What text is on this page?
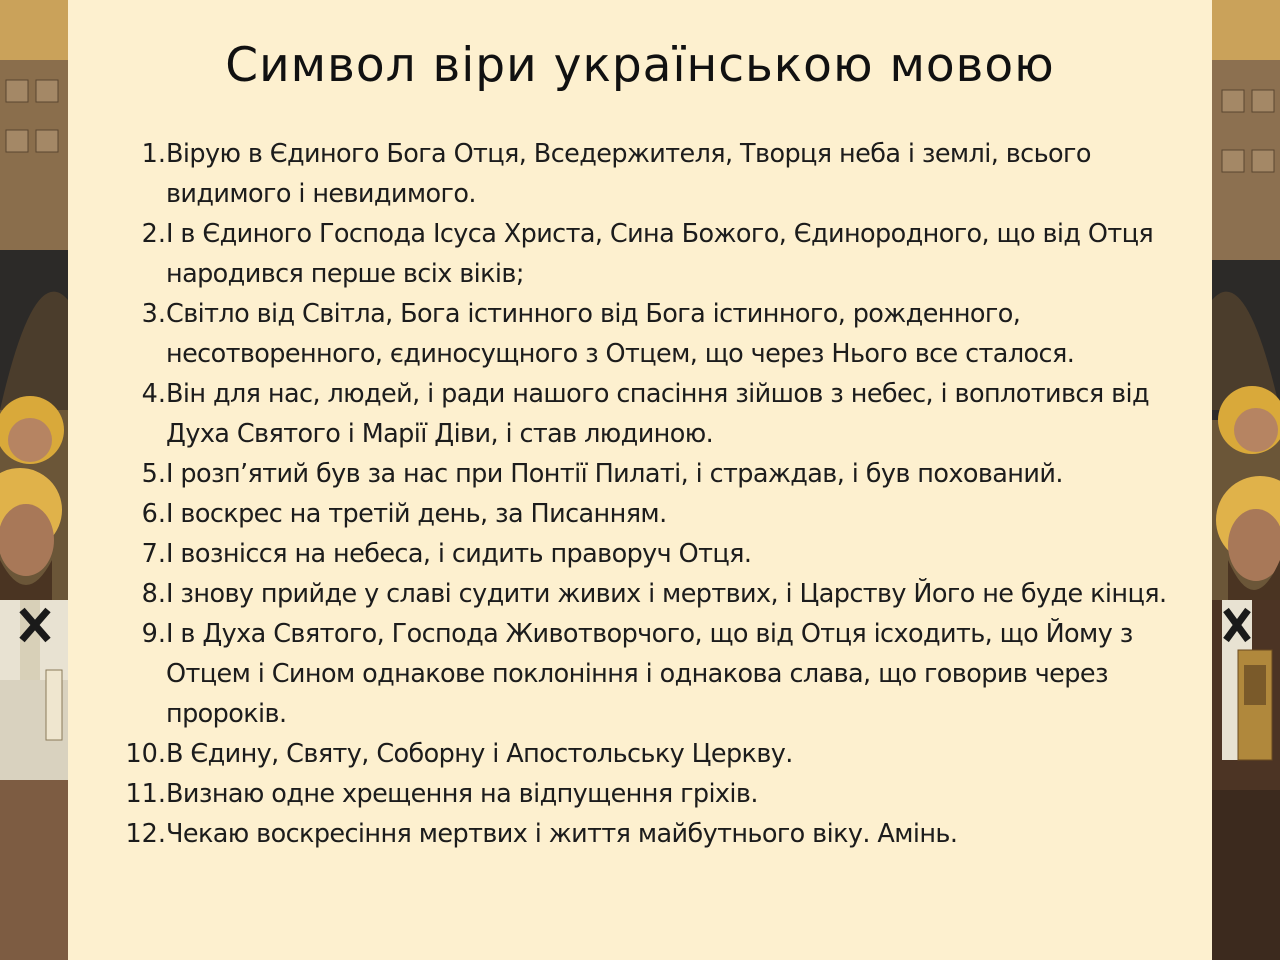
Символ віри українською мовою
1. Вірую в Єдиного Бога Отця, Вседержителя, Творця неба і землі, всього видимого і невидимого.
2. І в Єдиного Господа Ісуса Христа, Сина Божого, Єдинородного, що від Отця народився перше всіх віків;
3. Світло від Світла, Бога істинного від Бога істинного, рожденного, несотворенного, єдиносущного з Отцем, що через Нього все сталося.
4. Він для нас, людей, і ради нашого спасіння зійшов з небес, і воплотився від Духа Святого і Марії Діви, і став людиною.
5. І розп’ятий був за нас при Понтії Пилаті, і страждав, і був похований.
6. І воскрес на третій день, за Писанням.
7. І вознісся на небеса, і сидить праворуч Отця.
8. І знову прийде у славі судити живих і мертвих, і Царству Його не буде кінця.
9. І в Духа Святого, Господа Животворчого, що від Отця ісходить, що Йому з Отцем і Сином однакове поклоніння і однакова слава, що говорив через пророків.
10. В Єдину, Святу, Соборну і Апостольську Церкву.
11. Визнаю одне хрещення на відпущення гріхів.
12. Чекаю воскресіння мертвих і життя майбутнього віку. Амінь.
